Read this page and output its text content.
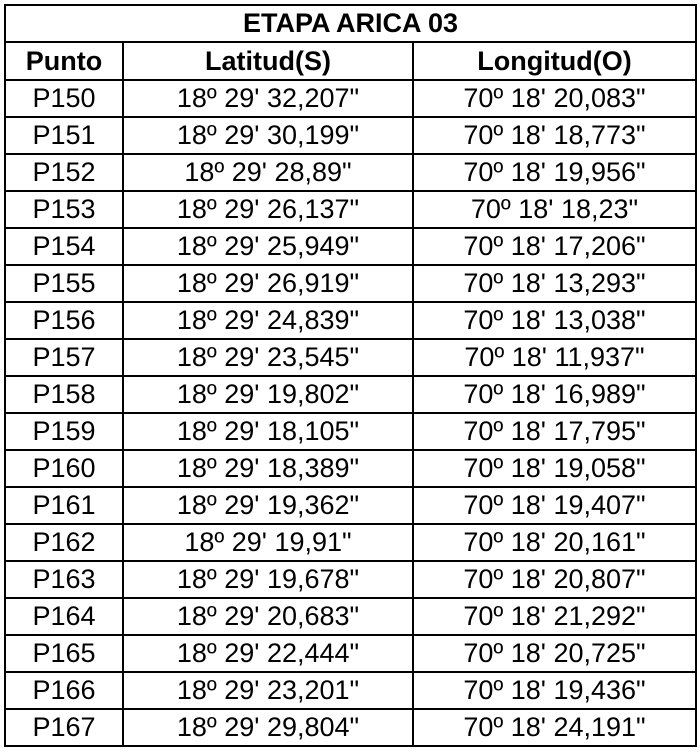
ETAPA ARICA 03		
Punto	Latitud(S)	Longitud(O)
P150	18º 29' 32,207"	70º 18' 20,083"
P151	18º 29' 30,199"	70º 18' 18,773"
P152	18º 29' 28,89"	70º 18' 19,956"
P153	18º 29' 26,137"	70º 18' 18,23"
P154	18º 29' 25,949"	70º 18' 17,206"
P155	18º 29' 26,919"	70º 18' 13,293"
P156	18º 29' 24,839"	70º 18' 13,038"
P157	18º 29' 23,545"	70º 18' 11,937"
P158	18º 29' 19,802"	70º 18' 16,989"
P159	18º 29' 18,105"	70º 18' 17,795"
P160	18º 29' 18,389"	70º 18' 19,058"
P161	18º 29' 19,362"	70º 18' 19,407"
P162	18º 29' 19,91"	70º 18' 20,161"
P163	18º 29' 19,678"	70º 18' 20,807"
P164	18º 29' 20,683"	70º 18' 21,292"
P165	18º 29' 22,444"	70º 18' 20,725"
P166	18º 29' 23,201"	70º 18' 19,436"
P167	18º 29' 29,804"	70º 18' 24,191"
